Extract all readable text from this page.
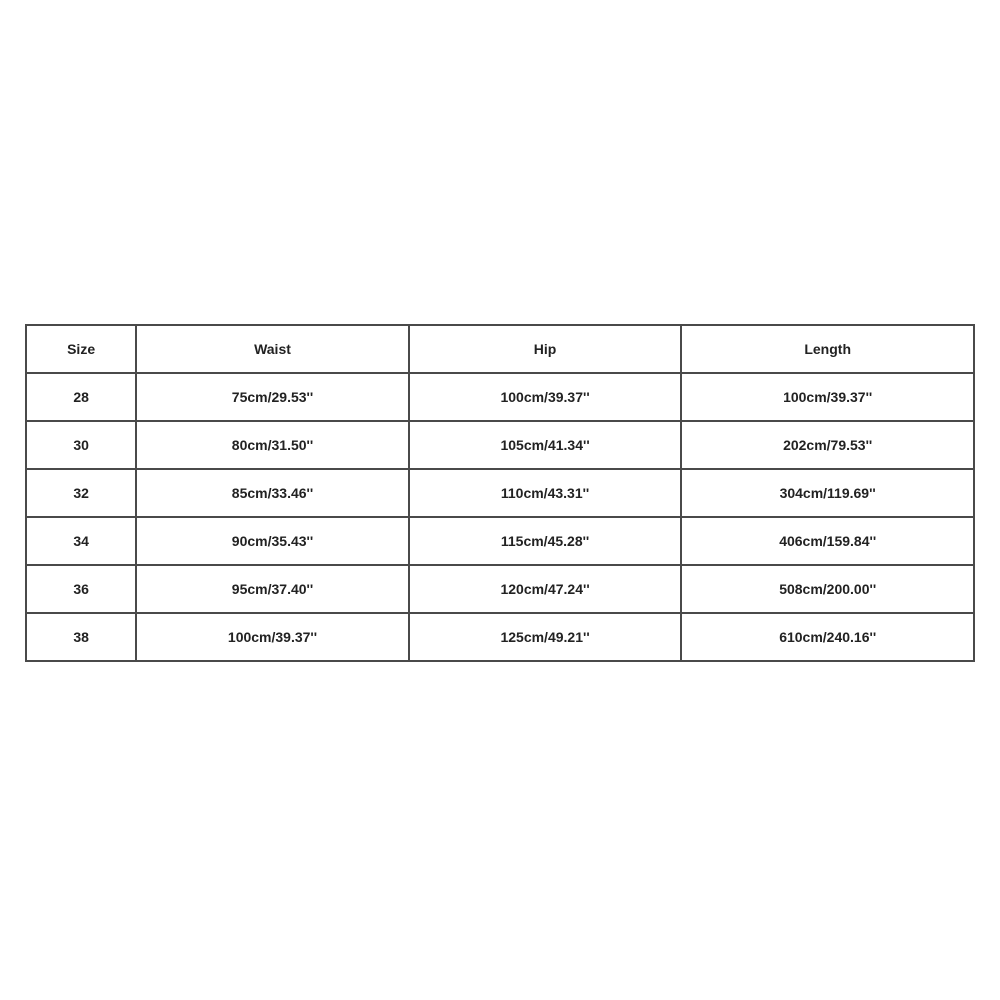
Size	Waist	Hip	Length
28	75cm/29.53''	100cm/39.37''	100cm/39.37''
30	80cm/31.50''	105cm/41.34''	202cm/79.53''
32	85cm/33.46''	110cm/43.31''	304cm/119.69''
34	90cm/35.43''	115cm/45.28''	406cm/159.84''
36	95cm/37.40''	120cm/47.24''	508cm/200.00''
38	100cm/39.37''	125cm/49.21''	610cm/240.16''
